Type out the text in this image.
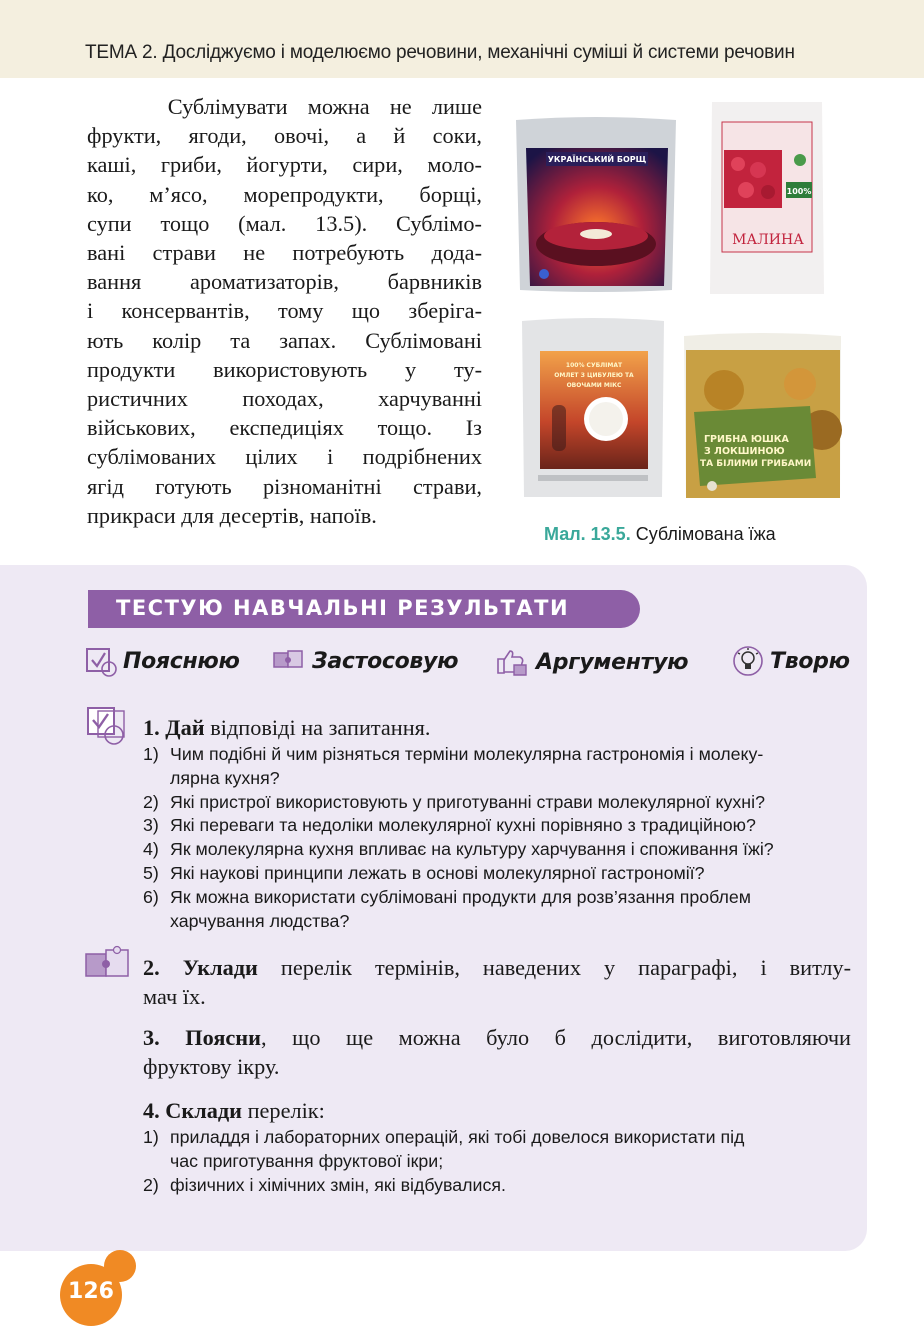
ТЕМА 2. Досліджуємо і моделюємо речовини, механічні суміші й системи речовин
Сублімувати можна не лише
фрукти, ягоди, овочі, а й соки,
каші, гриби, йогурти, сири, моло-
ко, м’ясо, морепродукти, борщі,
супи тощо (мал. 13.5). Сублімо-
вані страви не потребують дода-
вання ароматизаторів, барвників
і консервантів, тому що зберіга-
ють колір та запах. Сублімовані
продукти використовують у ту-
ристичних походах, харчуванні
військових, експедиціях тощо. Із
сублімованих цілих і подрібнених
ягід готують різноманітні страви,
прикраси для десертів, напоїв.
УКРАЇНСЬКИЙ БОРЩ
100%
МАЛИНА
100% СУБЛІМАТ
ОМЛЕТ З ЦИБУЛЕЮ ТА
ОВОЧАМИ МІКС
ГРИБНА ЮШКА
З ЛОКШИНОЮ
ТА БІЛИМИ ГРИБАМИ
Мал. 13.5. Сублімована їжа
ТЕСТУЮ НАВЧАЛЬНІ РЕЗУЛЬТАТИ
Пояснюю	Застосовую	Аргументую	Творю
1. Дай відповіді на запитання.
1) Чим подібні й чим різняться терміни молекулярна гастрономія і молеку-
лярна кухня?
2) Які пристрої використовують у приготуванні страви молекулярної кухні?
3) Які переваги та недоліки молекулярної кухні порівняно з традиційною?
4) Як молекулярна кухня впливає на культуру харчування і споживання їжі?
5) Які наукові принципи лежать в основі молекулярної гастрономії?
6) Як можна використати сублімовані продукти для розв’язання проблем
харчування людства?
2. Уклади перелік термінів, наведених у параграфі, і витлу-
мач їх.
3. Поясни, що ще можна було б дослідити, виготовляючи
фруктову ікру.
4. Склади перелік:
1) приладдя і лабораторних операцій, які тобі довелося використати під
час приготування фруктової ікри;
2) фізичних і хімічних змін, які відбувалися.
126
